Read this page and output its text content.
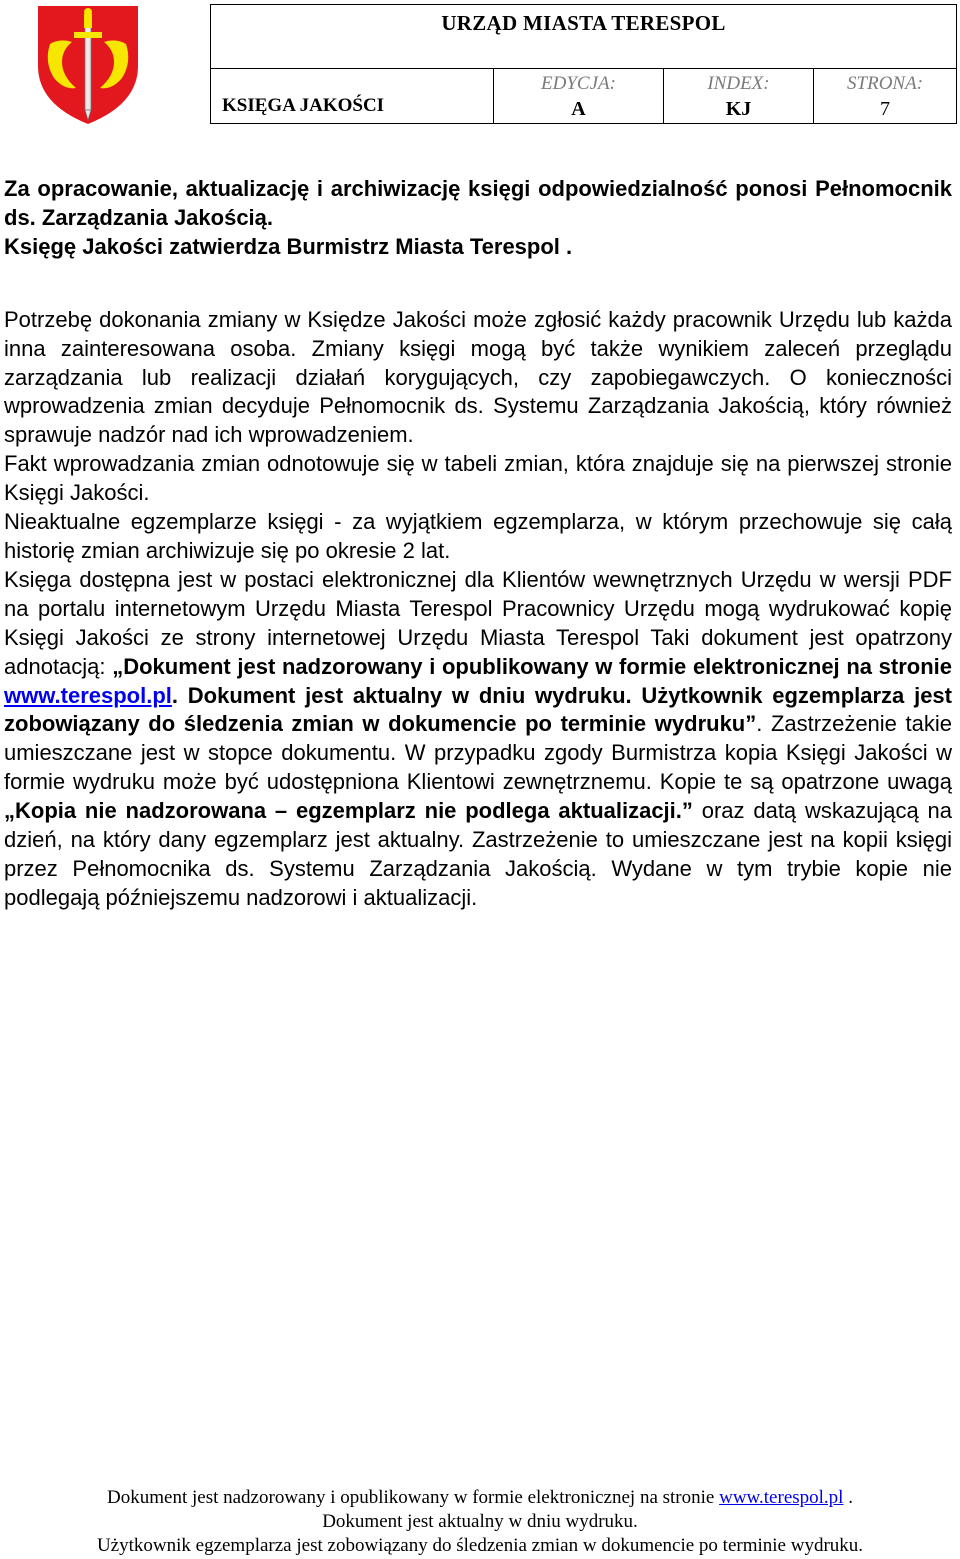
URZĄD MIASTA TERESPOL
KSIĘGA JAKOŚCI	
EDYCJA:
A

INDEX:
KJ

STRONA:
7

Za opracowanie, aktualizację i archiwizację księgi odpowiedzialność ponosi Pełnomocnik ds. Zarządzania Jakością.
Księgę Jakości zatwierdza Burmistrz Miasta Terespol .

Potrzebę dokonania zmiany w Księdze Jakości może zgłosić każdy pracownik Urzędu lub każda inna zainteresowana osoba. Zmiany księgi mogą być także wynikiem zaleceń przeglądu zarządzania lub realizacji działań korygujących, czy zapobiegawczych. O konieczności wprowadzenia zmian decyduje Pełnomocnik ds. Systemu Zarządzania Jakością, który również sprawuje nadzór nad ich wprowadzeniem.

Fakt wprowadzania zmian odnotowuje się w tabeli zmian, która znajduje się na pierwszej stronie Księgi Jakości.

Nieaktualne egzemplarze księgi - za wyjątkiem egzemplarza, w którym przechowuje się całą historię zmian archiwizuje się po okresie 2 lat.

Księga dostępna jest w postaci elektronicznej dla Klientów wewnętrznych Urzędu w wersji PDF na portalu internetowym Urzędu Miasta Terespol Pracownicy Urzędu mogą wydrukować kopię Księgi Jakości ze strony internetowej Urzędu Miasta Terespol Taki dokument jest opatrzony adnotacją: „Dokument jest nadzorowany i opublikowany w formie elektronicznej na stronie www.terespol.pl. Dokument jest aktualny w dniu wydruku. Użytkownik egzemplarza jest zobowiązany do śledzenia zmian w dokumencie po terminie wydruku”. Zastrzeżenie takie umieszczane jest w stopce dokumentu. W przypadku zgody Burmistrza kopia Księgi Jakości w formie wydruku może być udostępniona Klientowi zewnętrznemu. Kopie te są opatrzone uwagą „Kopia nie nadzorowana – egzemplarz nie podlega aktualizacji.” oraz datą wskazującą na dzień, na który dany egzemplarz jest aktualny. Zastrzeżenie to umieszczane jest na kopii księgi przez Pełnomocnika ds. Systemu Zarządzania Jakością. Wydane w tym trybie kopie nie podlegają późniejszemu nadzorowi i aktualizacji.

Dokument jest nadzorowany i opublikowany w formie elektronicznej na stronie www.terespol.pl .
Dokument jest aktualny w dniu wydruku.
Użytkownik egzemplarza jest zobowiązany do śledzenia zmian w dokumencie po terminie wydruku.
